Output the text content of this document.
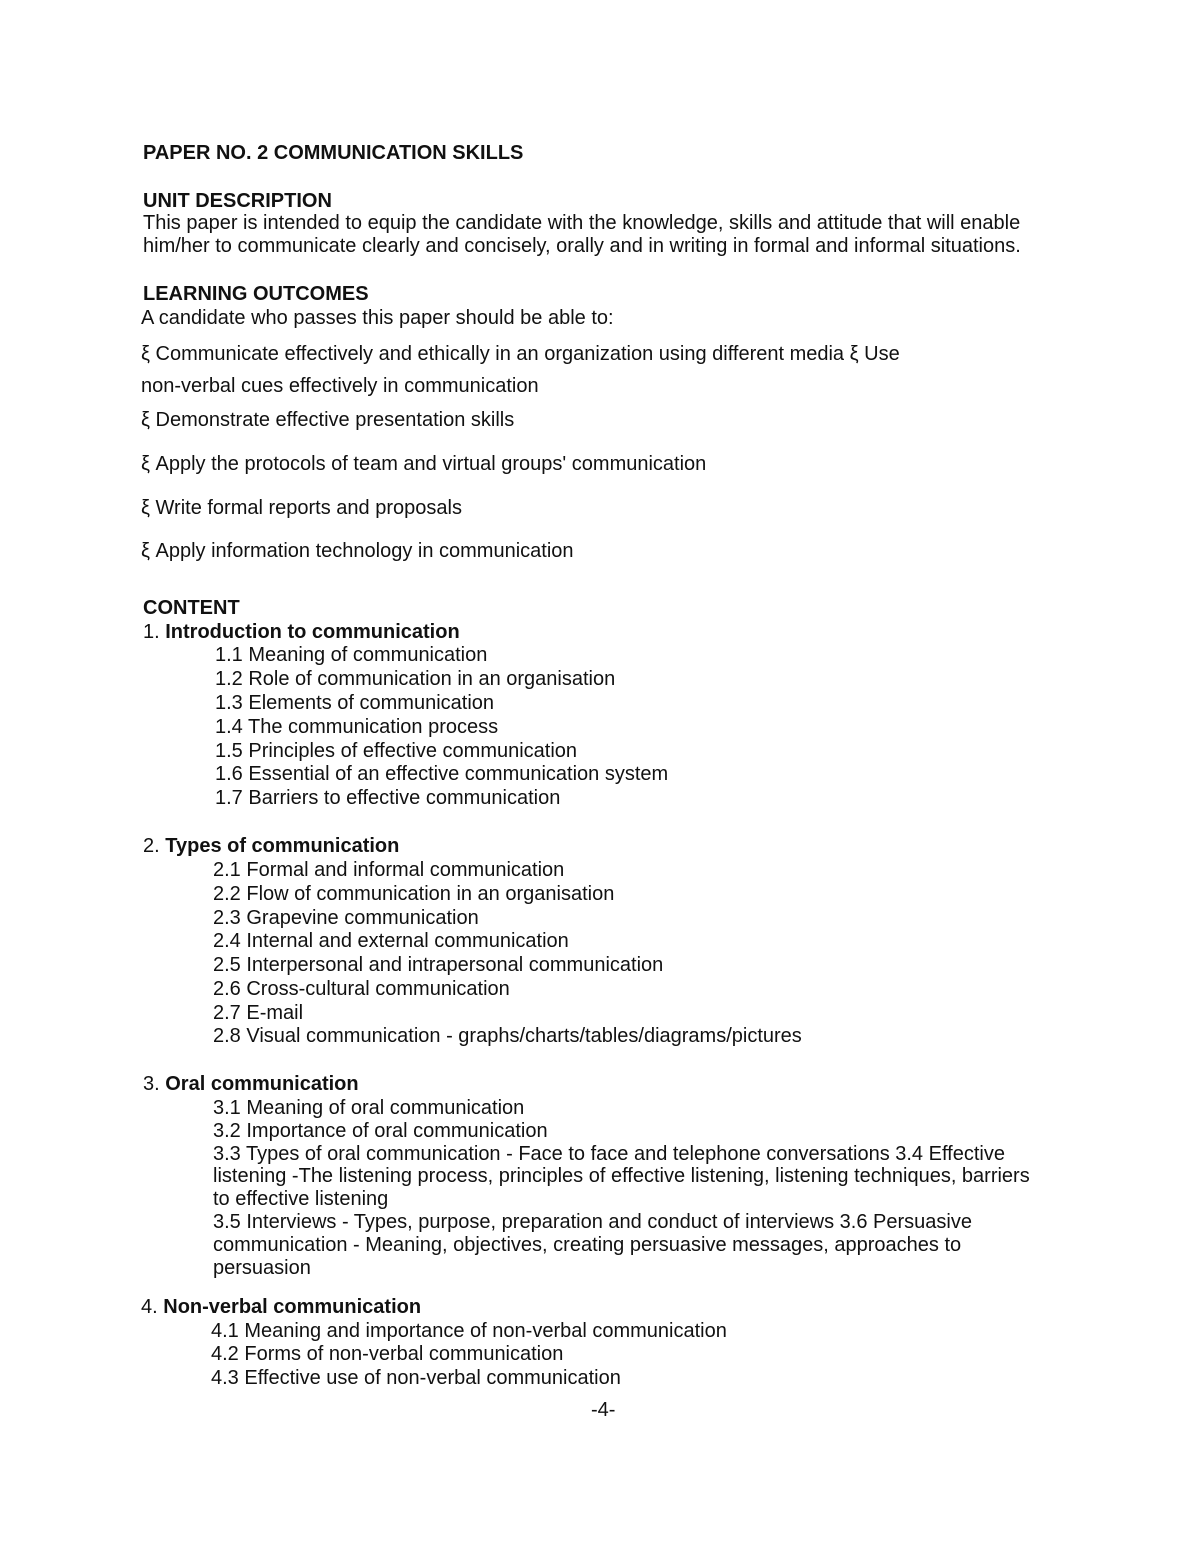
PAPER NO. 2 COMMUNICATION SKILLS
UNIT DESCRIPTION
This paper is intended to equip the candidate with the knowledge, skills and attitude that will enable
him/her to communicate clearly and concisely, orally and in writing in formal and informal situations.
LEARNING OUTCOMES
A candidate who passes this paper should be able to:
ξ Communicate effectively and ethically in an organization using different media ξ Use
non-verbal cues effectively in communication
ξ Demonstrate effective presentation skills
ξ Apply the protocols of team and virtual groups' communication
ξ Write formal reports and proposals
ξ Apply information technology in communication
CONTENT
1. Introduction to communication
1.1 Meaning of communication
1.2 Role of communication in an organisation
1.3 Elements of communication
1.4 The communication process
1.5 Principles of effective communication
1.6 Essential of an effective communication system
1.7 Barriers to effective communication
2. Types of communication
2.1 Formal and informal communication
2.2 Flow of communication in an organisation
2.3 Grapevine communication
2.4 Internal and external communication
2.5 Interpersonal and intrapersonal communication
2.6 Cross-cultural communication
2.7 E-mail
2.8 Visual communication - graphs/charts/tables/diagrams/pictures
3. Oral communication
3.1 Meaning of oral communication
3.2 Importance of oral communication
3.3 Types of oral communication - Face to face and telephone conversations 3.4 Effective
listening -The listening process, principles of effective listening, listening techniques, barriers
to effective listening
3.5 Interviews - Types, purpose, preparation and conduct of interviews 3.6 Persuasive
communication - Meaning, objectives, creating persuasive messages, approaches to
persuasion
4. Non-verbal communication
4.1 Meaning and importance of non-verbal communication
4.2 Forms of non-verbal communication
4.3 Effective use of non-verbal communication
-4-
